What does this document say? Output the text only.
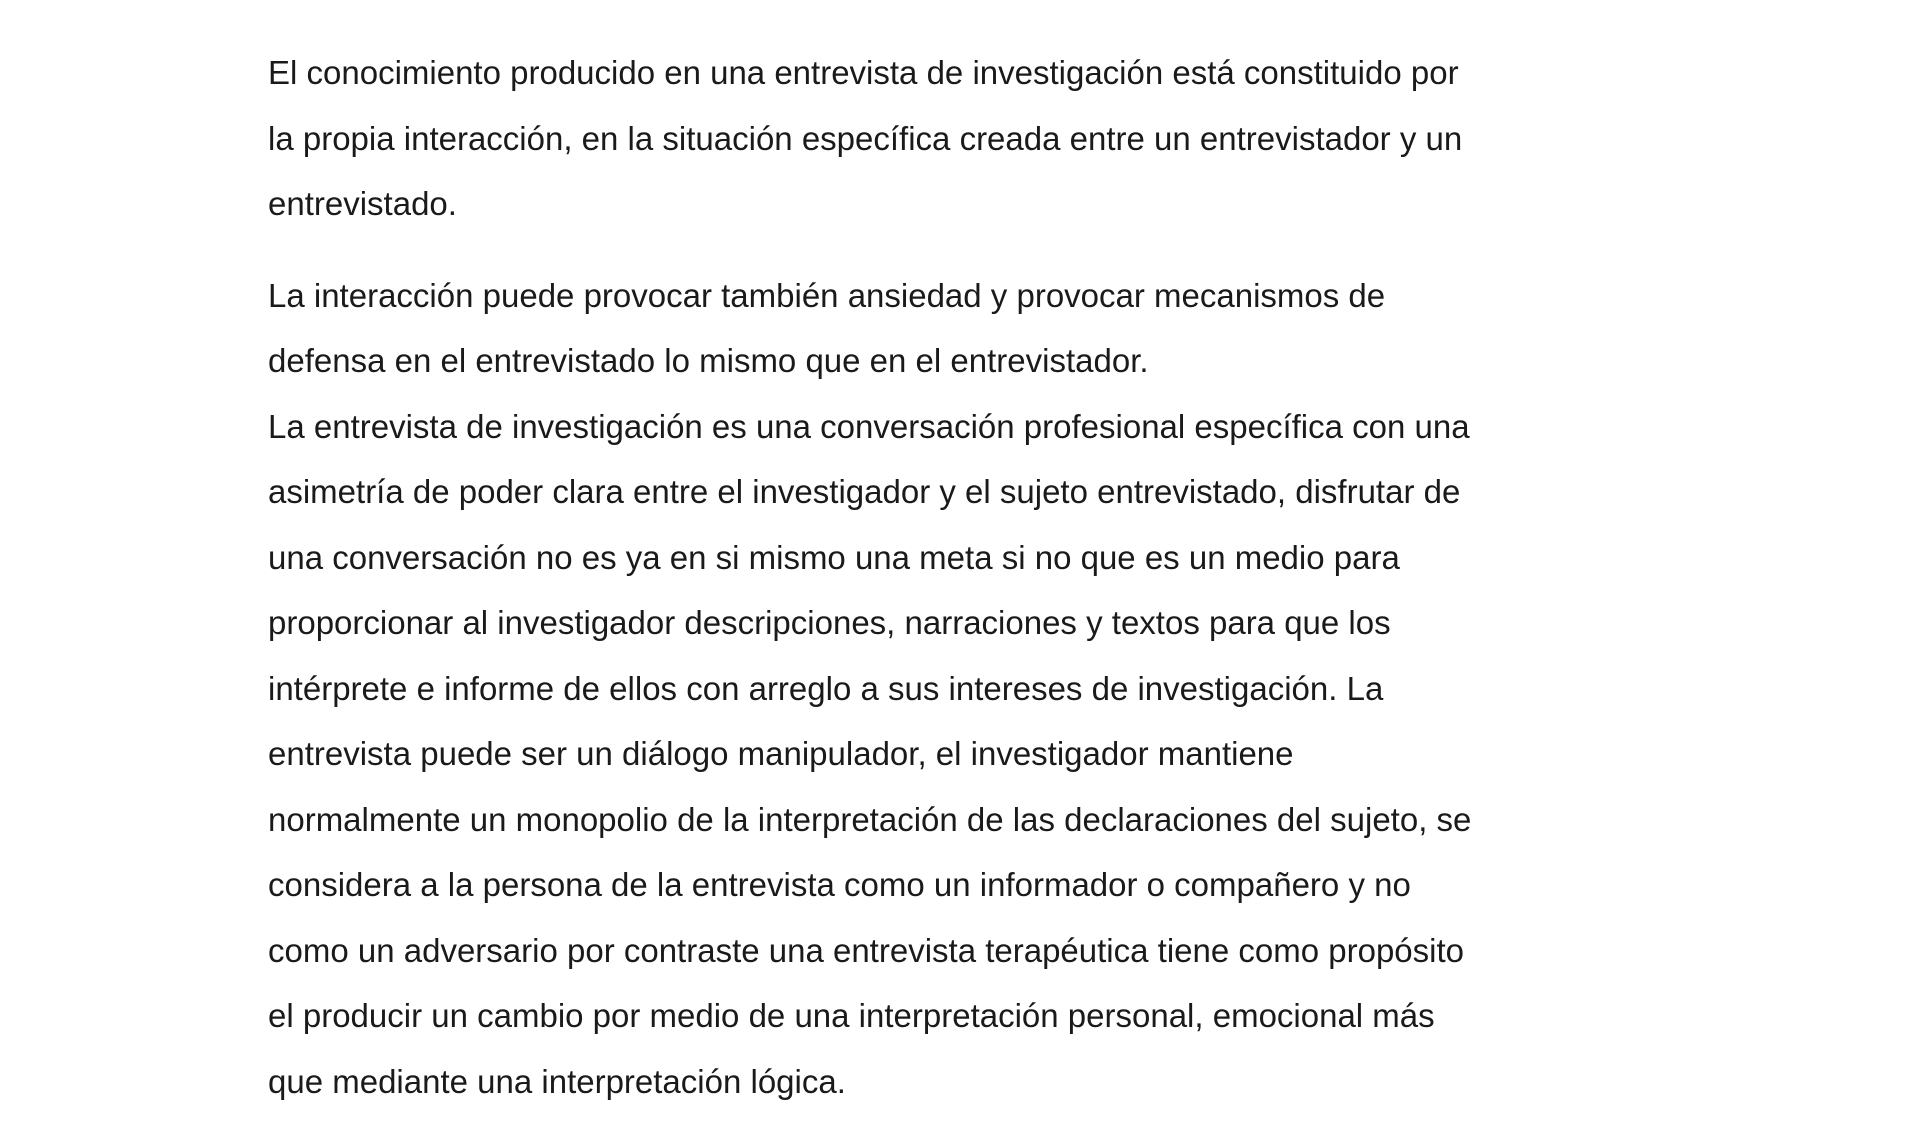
El conocimiento producido en una entrevista de investigación está constituido por
la propia interacción, en la situación específica creada entre un entrevistador y un
entrevistado.

La interacción puede provocar también ansiedad y provocar mecanismos de
defensa en el entrevistado lo mismo que en el entrevistador.

La entrevista de investigación es una conversación profesional específica con una
asimetría de poder clara entre el investigador y el sujeto entrevistado, disfrutar de
una conversación no es ya en si mismo una meta si no que es un medio para
proporcionar al investigador descripciones, narraciones y textos para que los
intérprete e informe de ellos con arreglo a sus intereses de investigación. La
entrevista puede ser un diálogo manipulador, el investigador mantiene
normalmente un monopolio de la interpretación de las declaraciones del sujeto, se
considera a la persona de la entrevista como un informador o compañero y no
como un adversario por contraste una entrevista terapéutica tiene como propósito
el producir un cambio por medio de una interpretación personal, emocional más
que mediante una interpretación lógica.
